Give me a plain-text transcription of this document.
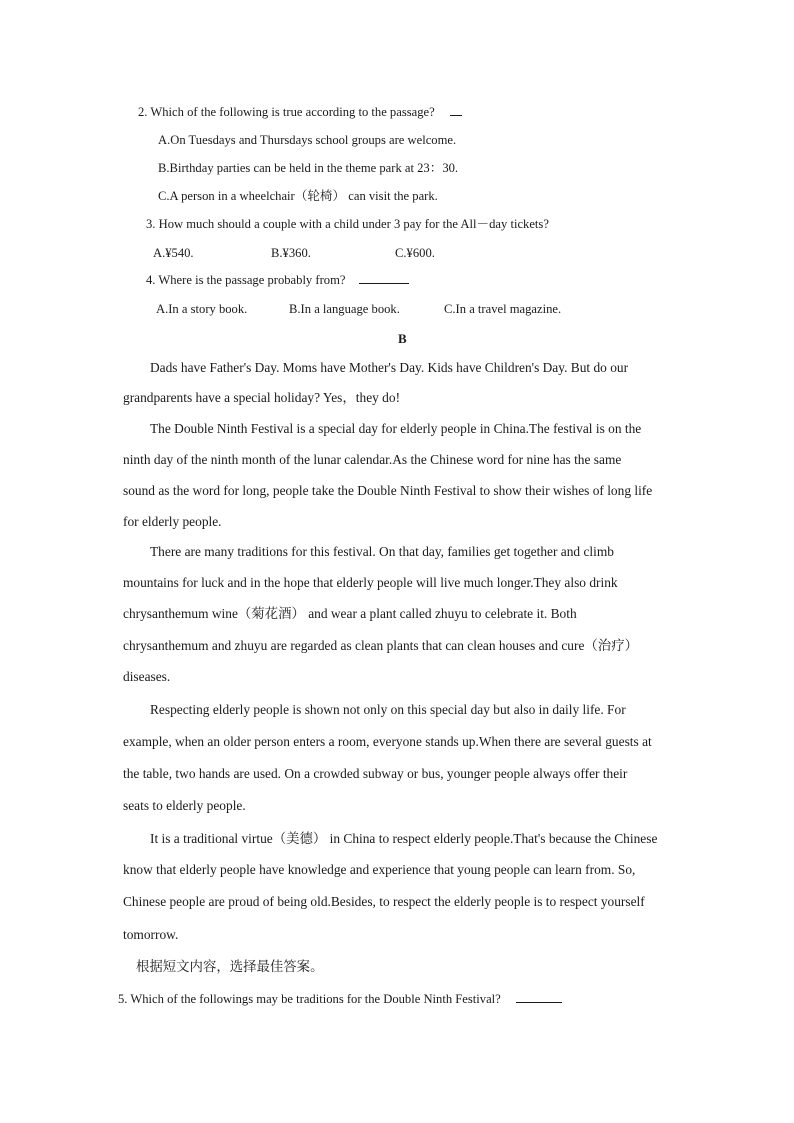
2. Which of the following is true according to the passage?
A.On Tuesdays and Thursdays school groups are welcome.
B.Birthday parties can be held in the theme park at 23：30.
C.A person in a wheelchair（轮椅） can visit the park.
3. How much should a couple with a child under 3 pay for the All－day tickets?
A.¥540.	B.¥360.	C.¥600.
4. Where is the passage probably from?
A.In a story book.	B.In a language book.	C.In a travel magazine.
B
Dads have Father's Day. Moms have Mother's Day. Kids have Children's Day. But do our
grandparents have a special holiday? Yes，they do!
The Double Ninth Festival is a special day for elderly people in China.The festival is on the
ninth day of the ninth month of the lunar calendar.As the Chinese word for nine has the same
sound as the word for long, people take the Double Ninth Festival to show their wishes of long life
for elderly people.
There are many traditions for this festival. On that day, families get together and climb
mountains for luck and in the hope that elderly people will live much longer.They also drink
chrysanthemum wine（菊花酒） and wear a plant called zhuyu to celebrate it. Both
chrysanthemum and zhuyu are regarded as clean plants that can clean houses and cure（治疗）
diseases.
Respecting elderly people is shown not only on this special day but also in daily life. For
example, when an older person enters a room, everyone stands up.When there are several guests at
the table, two hands are used. On a crowded subway or bus, younger people always offer their
seats to elderly people.
It is a traditional virtue（美德） in China to respect elderly people.That's because the Chinese
know that elderly people have knowledge and experience that young people can learn from. So,
Chinese people are proud of being old.Besides, to respect the elderly people is to respect yourself
tomorrow.
根据短文内容，选择最佳答案。
5. Which of the followings may be traditions for the Double Ninth Festival?
